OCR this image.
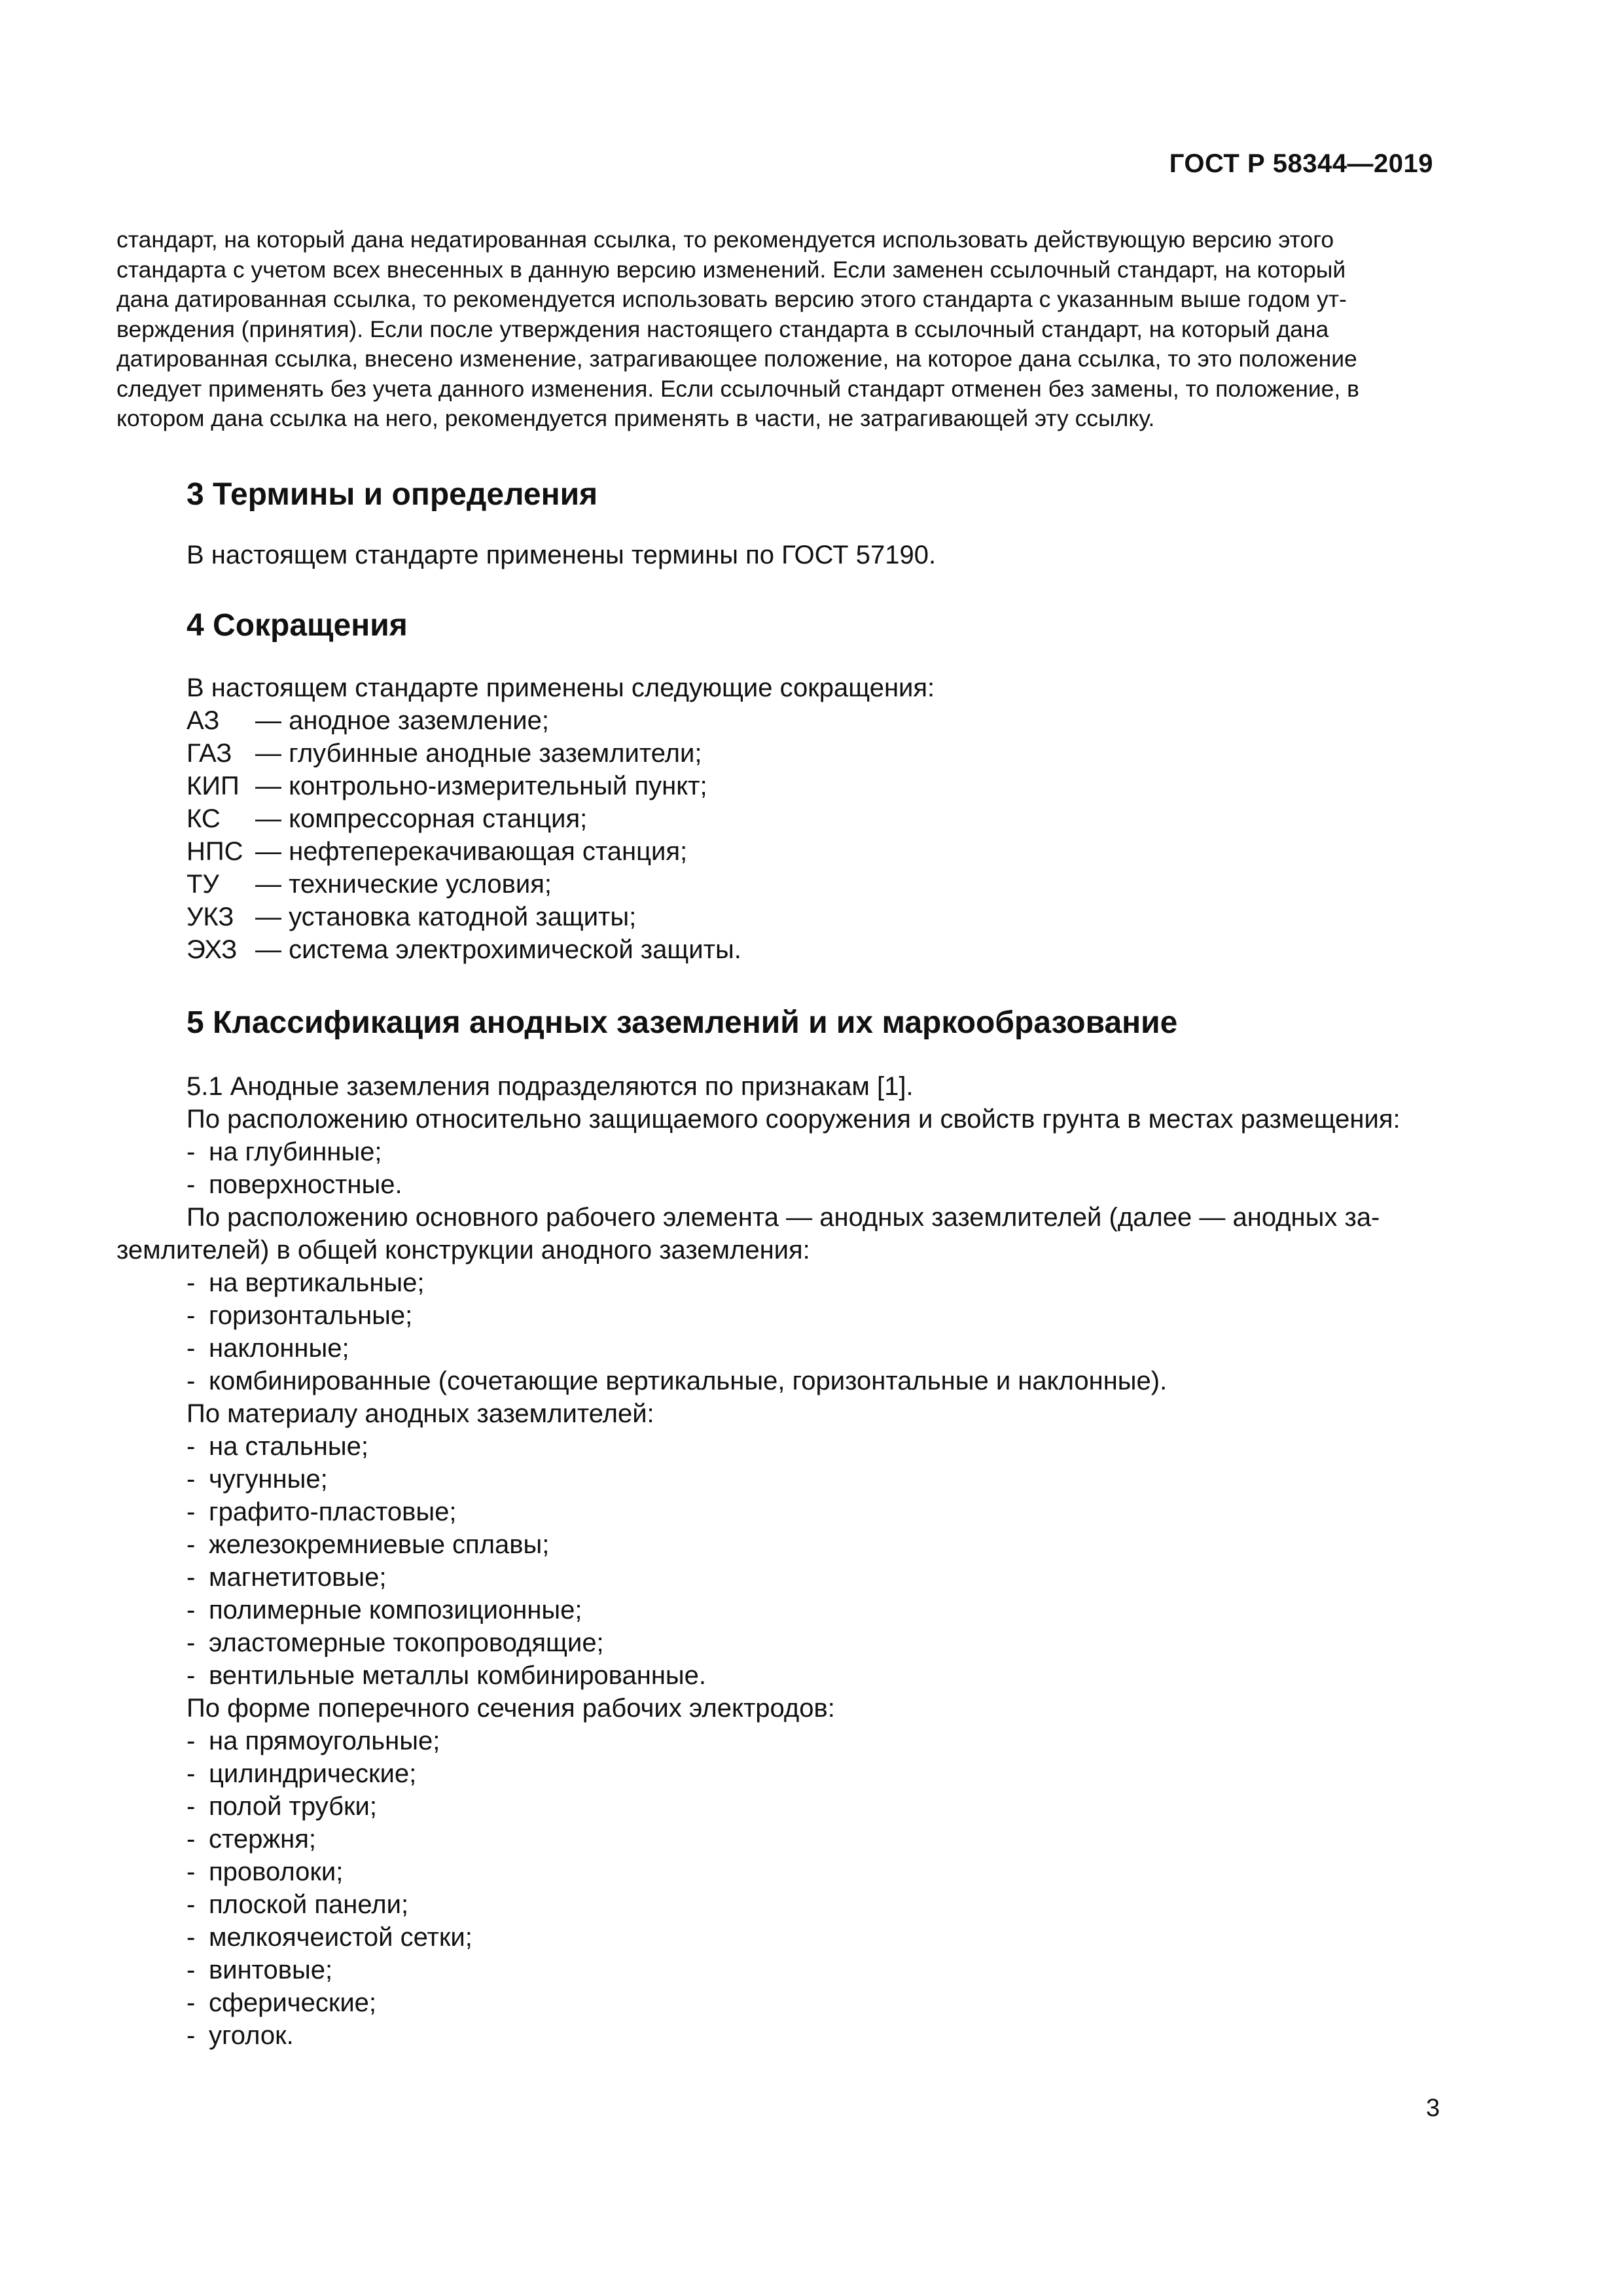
ГОСТ Р 58344—2019

стандарт, на который дана недатированная ссылка, то рекомендуется использовать действующую версию этого

стандарта с учетом всех внесенных в данную версию изменений. Если заменен ссылочный стандарт, на который

дана датированная ссылка, то рекомендуется использовать версию этого стандарта с указанным выше годом ут-

верждения (принятия). Если после утверждения настоящего стандарта в ссылочный стандарт, на который дана

датированная ссылка, внесено изменение, затрагивающее положение, на которое дана ссылка, то это положение

следует применять без учета данного изменения. Если ссылочный стандарт отменен без замены, то положение, в

котором дана ссылка на него, рекомендуется применять в части, не затрагивающей эту ссылку.

3 Термины и определения

В настоящем стандарте применены термины по ГОСТ 57190.

4 Сокращения

В настоящем стандарте применены следующие сокращения:

АЗ — анодное заземление;
ГАЗ — глубинные анодные заземлители;
КИП — контрольно-измерительный пункт;
КС — компрессорная станция;
НПС — нефтеперекачивающая станция;
ТУ — технические условия;
УКЗ — установка катодной защиты;
ЭХЗ — система электрохимической защиты.
5 Классификация анодных заземлений и их маркообразование

5.1 Анодные заземления подразделяются по признакам [1].

По расположению относительно защищаемого сооружения и свойств грунта в местах размещения:

- на глубинные;
- поверхностные.

По расположению основного рабочего элемента — анодных заземлителей (далее — анодных за-

землителей) в общей конструкции анодного заземления:

- на вертикальные;
- горизонтальные;
- наклонные;
- комбинированные (сочетающие вертикальные, горизонтальные и наклонные).

По материалу анодных заземлителей:

- на стальные;
- чугунные;
- графито-пластовые;
- железокремниевые сплавы;
- магнетитовые;
- полимерные композиционные;
- эластомерные токопроводящие;
- вентильные металлы комбинированные.

По форме поперечного сечения рабочих электродов:

- на прямоугольные;
- цилиндрические;
- полой трубки;
- стержня;
- проволоки;
- плоской панели;
- мелкоячеистой сетки;
- винтовые;
- сферические;
- уголок.
3
